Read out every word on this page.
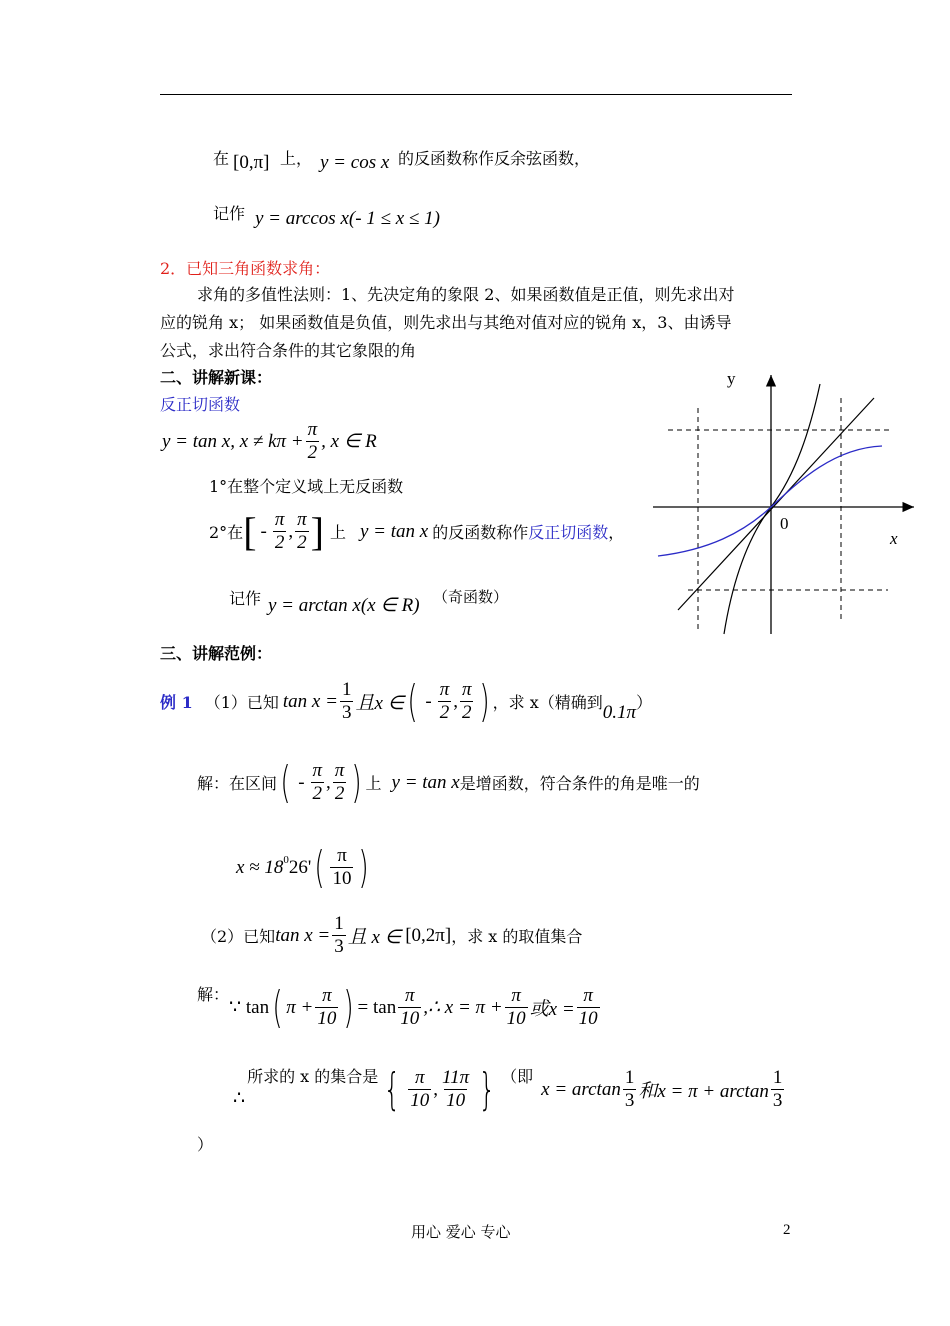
在 [0,π] 上， y = cos x 的反函数称作反余弦函数，
记作 y = arccos x(- 1 ≤ x ≤ 1)
2．已知三角函数求角：
求角的多值性法则：1、先决定角的象限 2、如果函数值是正值，则先求出对
应的锐角 x； 如果函数值是负值，则先求出与其绝对值对应的锐角 x，3、由诱导
公式，求出符合条件的其它象限的角
二、讲解新课：
反正切函数
y = tan x, $x \ne k\pi + \frac{\pi}{2}$ , x ∈ R
1°在整个定义域上无反函数
2°在 [ - $\frac{\pi}{2}$ , $\frac{\pi}{2}$ ] 上 y = tan x 的反函数称作 反正切函数 ，
记作 y = arctan x(x ∈ R) （奇函数）
y
0
x
三、讲解范例：
例 1 （1）已知 $\tan x = \frac{1}{3}$ 且x ∈ ( - $\frac{\pi}{2}$ , $\frac{\pi}{2}$ ) ，求 x（精确到 0.1π ）
解：在区间 ( - $\frac{\pi}{2}$ , $\frac{\pi}{2}$ ) 上 y = tan x 是增函数，符合条件的角是唯一的
$x \approx 18^0$ 26' ( $\frac{\pi}{10}$ )
（2）已知 $\tan x = \frac{1}{3}$ 且 x ∈ [0,2π] ，求 x 的取值集合
解：
∵ tan ( $\pi + \frac{\pi}{10}$ ) = $\tan \frac{\pi}{10}$ ,∴ $x = \pi + \frac{\pi}{10}$ 或$x = \frac{\pi}{10}$
∴
所求的 x 的集合是 { $\frac{\pi}{10}$ , $\frac{11\pi}{10}$ } （即
$x = \arctan \frac{1}{3}$ 和$x = \pi + \arctan \frac{1}{3}$
）
用心 爱心 专心	2
